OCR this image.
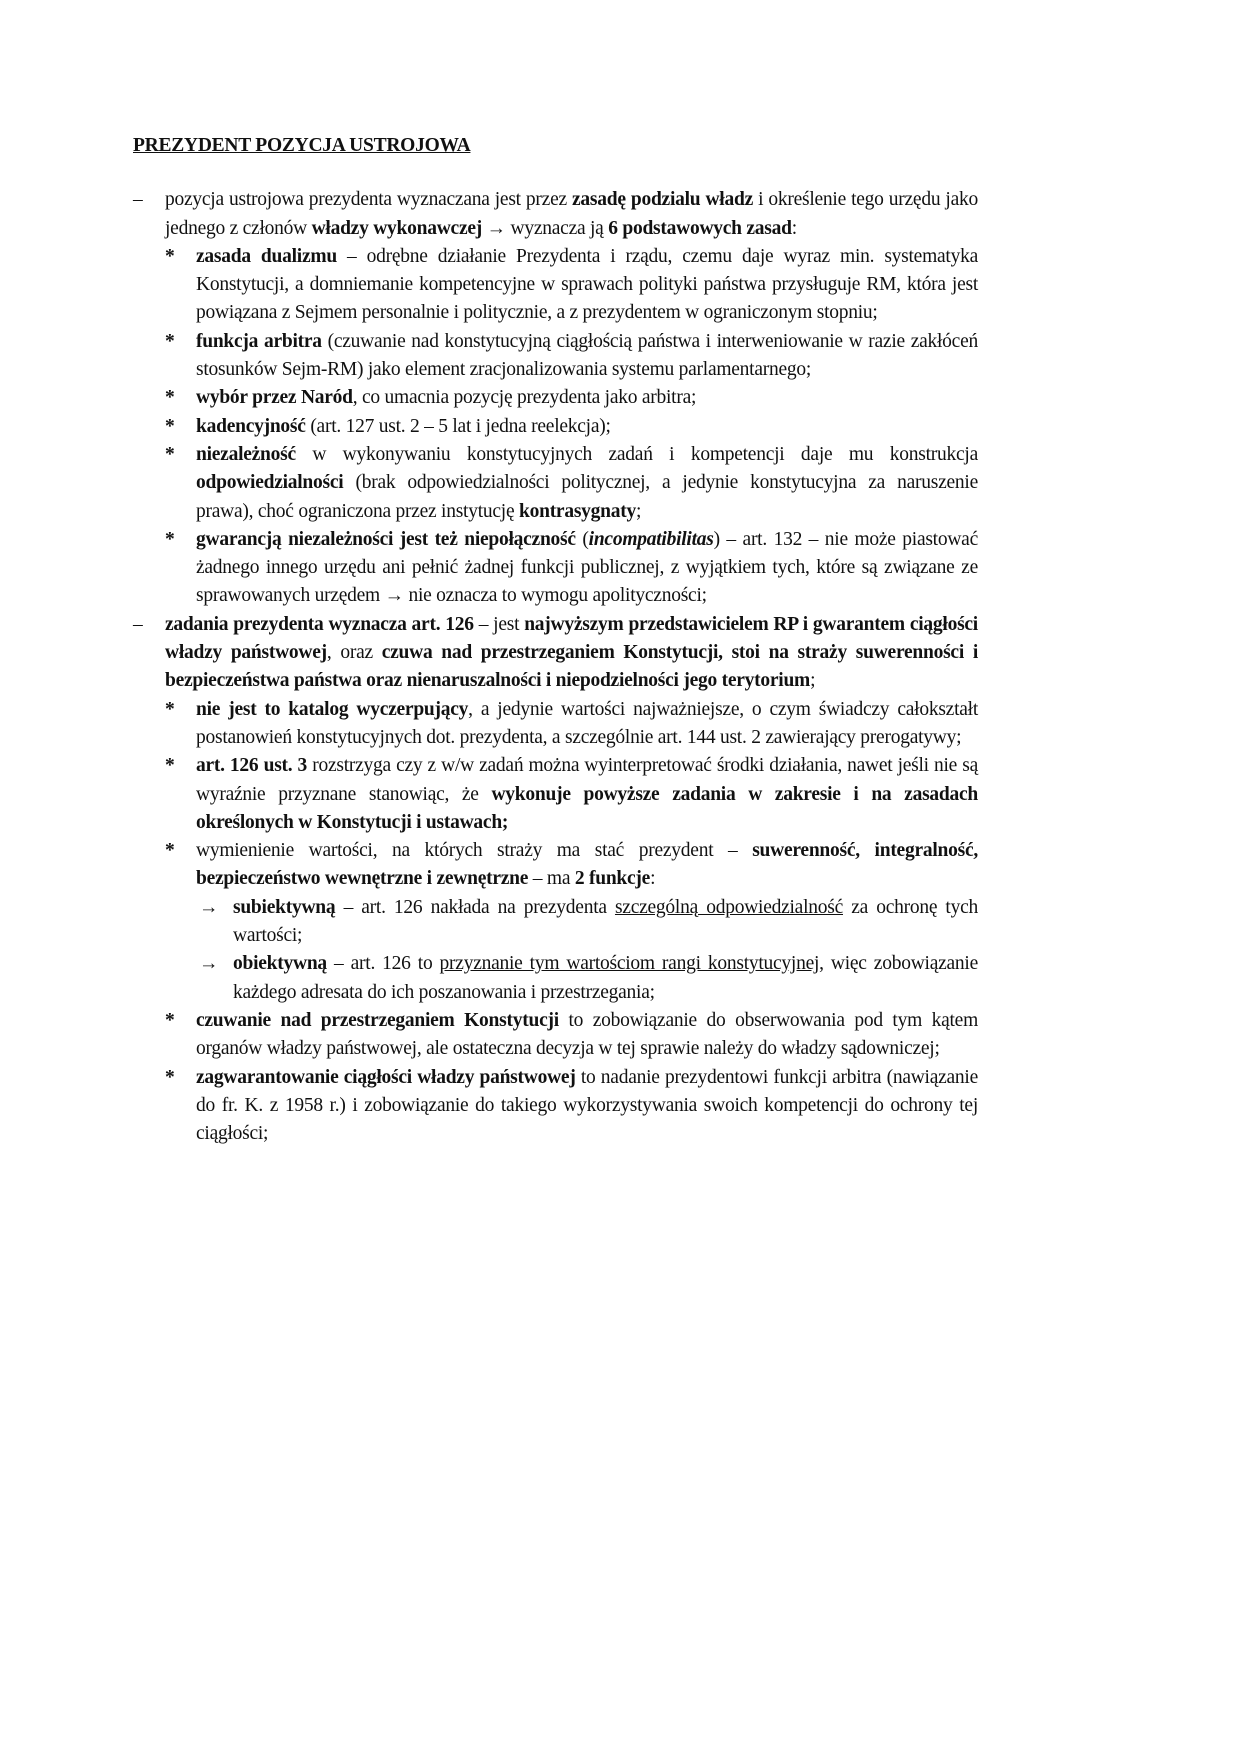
PREZYDENT POZYCJA USTROJOWA
– pozycja ustrojowa prezydenta wyznaczana jest przez zasadę podzialu władz i określenie tego urzędu jako jednego z członów władzy wykonawczej → wyznacza ją 6 podstawowych zasad:
* zasada dualizmu – odrębne działanie Prezydenta i rządu, czemu daje wyraz min. systematyka Konstytucji, a domniemanie kompetencyjne w sprawach polityki państwa przysługuje RM, która jest powiązana z Sejmem personalnie i politycznie, a z prezydentem w ograniczonym stopniu;
* funkcja arbitra (czuwanie nad konstytucyjną ciągłością państwa i interweniowanie w razie zakłóceń stosunków Sejm-RM) jako element zracjonalizowania systemu parlamentarnego;
* wybór przez Naród, co umacnia pozycję prezydenta jako arbitra;
* kadencyjność (art. 127 ust. 2 – 5 lat i jedna reelekcja);
* niezależność w wykonywaniu konstytucyjnych zadań i kompetencji daje mu konstrukcja odpowiedzialności (brak odpowiedzialności politycznej, a jedynie konstytucyjna za naruszenie prawa), choć ograniczona przez instytucję kontrasygnaty;
* gwarancją niezależności jest też niepołączność (incompatibilitas) – art. 132 – nie może piastować żadnego innego urzędu ani pełnić żadnej funkcji publicznej, z wyjątkiem tych, które są związane ze sprawowanych urzędem → nie oznacza to wymogu apolityczności;
– zadania prezydenta wyznacza art. 126 – jest najwyższym przedstawicielem RP i gwarantem ciągłości władzy państwowej, oraz czuwa nad przestrzeganiem Konstytucji, stoi na straży suwerenności i bezpieczeństwa państwa oraz nienaruszalności i niepodzielności jego terytorium;
* nie jest to katalog wyczerpujący, a jedynie wartości najważniejsze, o czym świadczy całokształt postanowień konstytucyjnych dot. prezydenta, a szczególnie art. 144 ust. 2 zawierający prerogatywy;
* art. 126 ust. 3 rozstrzyga czy z w/w zadań można wyinterpretować środki działania, nawet jeśli nie są wyraźnie przyznane stanowiąc, że wykonuje powyższe zadania w zakresie i na zasadach określonych w Konstytucji i ustawach;
* wymienienie wartości, na których straży ma stać prezydent – suwerenność, integralność, bezpieczeństwo wewnętrzne i zewnętrzne – ma 2 funkcje:
→ subiektywną – art. 126 nakłada na prezydenta szczególną odpowiedzialność za ochronę tych wartości;
→ obiektywną – art. 126 to przyznanie tym wartościom rangi konstytucyjnej, więc zobowiązanie każdego adresata do ich poszanowania i przestrzegania;
* czuwanie nad przestrzeganiem Konstytucji to zobowiązanie do obserwowania pod tym kątem organów władzy państwowej, ale ostateczna decyzja w tej sprawie należy do władzy sądowniczej;
* zagwarantowanie ciągłości władzy państwowej to nadanie prezydentowi funkcji arbitra (nawiązanie do fr. K. z 1958 r.) i zobowiązanie do takiego wykorzystywania swoich kompetencji do ochrony tej ciągłości;
